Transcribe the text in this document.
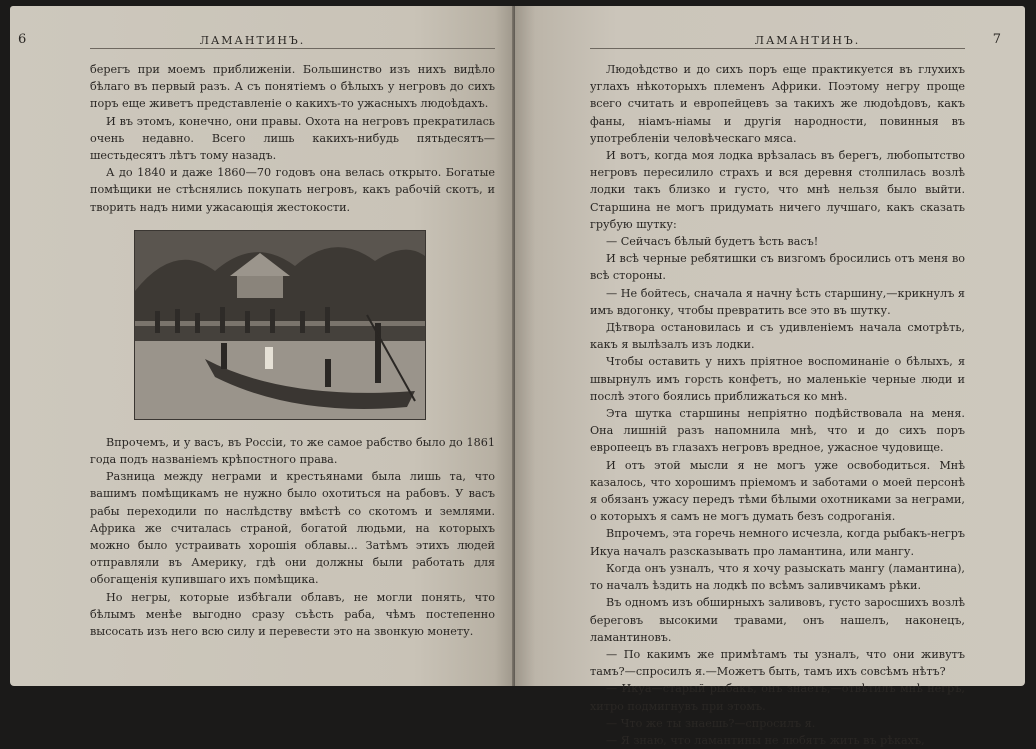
6	ЛАМАНТИНЪ.

берегъ при моемъ приближеніи. Большинство изъ нихъ видѣло бѣлаго въ первый разъ. А съ понятіемъ о бѣлыхъ у негровъ до сихъ поръ еще живетъ представленіе о какихъ-то ужасныхъ людоѣдахъ.

И въ этомъ, конечно, они правы. Охота на негровъ прекратилась очень недавно. Всего лишь какихъ-нибудь пятьдесятъ—шестьдесятъ лѣтъ тому назадъ.

А до 1840 и даже 1860—70 годовъ она велась открыто. Богатые помѣщики не стѣснялись покупать негровъ, какъ рабочій скотъ, и творить надъ ними ужасающія жестокости.

Впрочемъ, и у васъ, въ Россіи, то же самое рабство было до 1861 года подъ названіемъ крѣпостного права.

Разница между неграми и крестьянами была лишь та, что вашимъ помѣщикамъ не нужно было охотиться на рабовъ. У васъ рабы переходили по наслѣдству вмѣстѣ со скотомъ и землями. Африка же считалась страной, богатой людьми, на которыхъ можно было устраивать хорошія облавы... Затѣмъ этихъ людей отправляли въ Америку, гдѣ они должны были работать для обогащенія купившаго ихъ помѣщика.

Но негры, которые избѣгали облавъ, не могли понять, что бѣлымъ менѣе выгодно сразу съѣсть раба, чѣмъ постепенно высосать изъ него всю силу и перевести это на звонкую монету.

ЛАМАНТИНЪ.	7

Людоѣдство и до сихъ поръ еще практикуется въ глухихъ углахъ нѣкоторыхъ племенъ Африки. Поэтому негру проще всего считать и европейцевъ за такихъ же людоѣдовъ, какъ фаны, ніамъ-ніамы и другія народности, повинныя въ употребленіи человѣческаго мяса.

И вотъ, когда моя лодка врѣзалась въ берегъ, любопытство негровъ пересилило страхъ и вся деревня столпилась возлѣ лодки такъ близко и густо, что мнѣ нельзя было выйти. Старшина не могъ придумать ничего лучшаго, какъ сказать грубую шутку:

— Сейчасъ бѣлый будетъ ѣсть васъ!

И всѣ черные ребятишки съ визгомъ бросились отъ меня во всѣ стороны.

— Не бойтесь, сначала я начну ѣсть старшину,—крикнулъ я имъ вдогонку, чтобы превратить все это въ шутку.

Дѣтвора остановилась и съ удивленіемъ начала смотрѣть, какъ я вылѣзалъ изъ лодки.

Чтобы оставить у нихъ пріятное воспоминаніе о бѣлыхъ, я швырнулъ имъ горсть конфетъ, но маленькіе черные люди и послѣ этого боялись приближаться ко мнѣ.

Эта шутка старшины непріятно подѣйствовала на меня. Она лишній разъ напомнила мнѣ, что и до сихъ поръ европеецъ въ глазахъ негровъ вредное, ужасное чудовище.

И отъ этой мысли я не могъ уже освободиться. Мнѣ казалось, что хорошимъ пріемомъ и заботами о моей персонѣ я обязанъ ужасу передъ тѣми бѣлыми охотниками за неграми, о которыхъ я самъ не могъ думать безъ содроганія.

Впрочемъ, эта горечь немного исчезла, когда рыбакъ-негръ Икуа началъ разсказывать про ламантина, или мангу.

Когда онъ узналъ, что я хочу разыскать мангу (ламантина), то началъ ѣздить на лодкѣ по всѣмъ заливчикамъ рѣки.

Въ одномъ изъ обширныхъ заливовъ, густо заросшихъ возлѣ береговъ высокими травами, онъ нашелъ, наконецъ, ламантиновъ.

— По какимъ же примѣтамъ ты узналъ, что они живутъ тамъ?—спросилъ я.—Можетъ быть, тамъ ихъ совсѣмъ нѣтъ?

— Икуа—старый рыбакъ, онъ знаетъ,—отвѣтилъ мнѣ негръ, хитро подмигнувъ при этомъ.

— Что же ты знаешь?—спросилъ я.

— Я знаю, что ламантины не любятъ жить въ рѣкахъ,
